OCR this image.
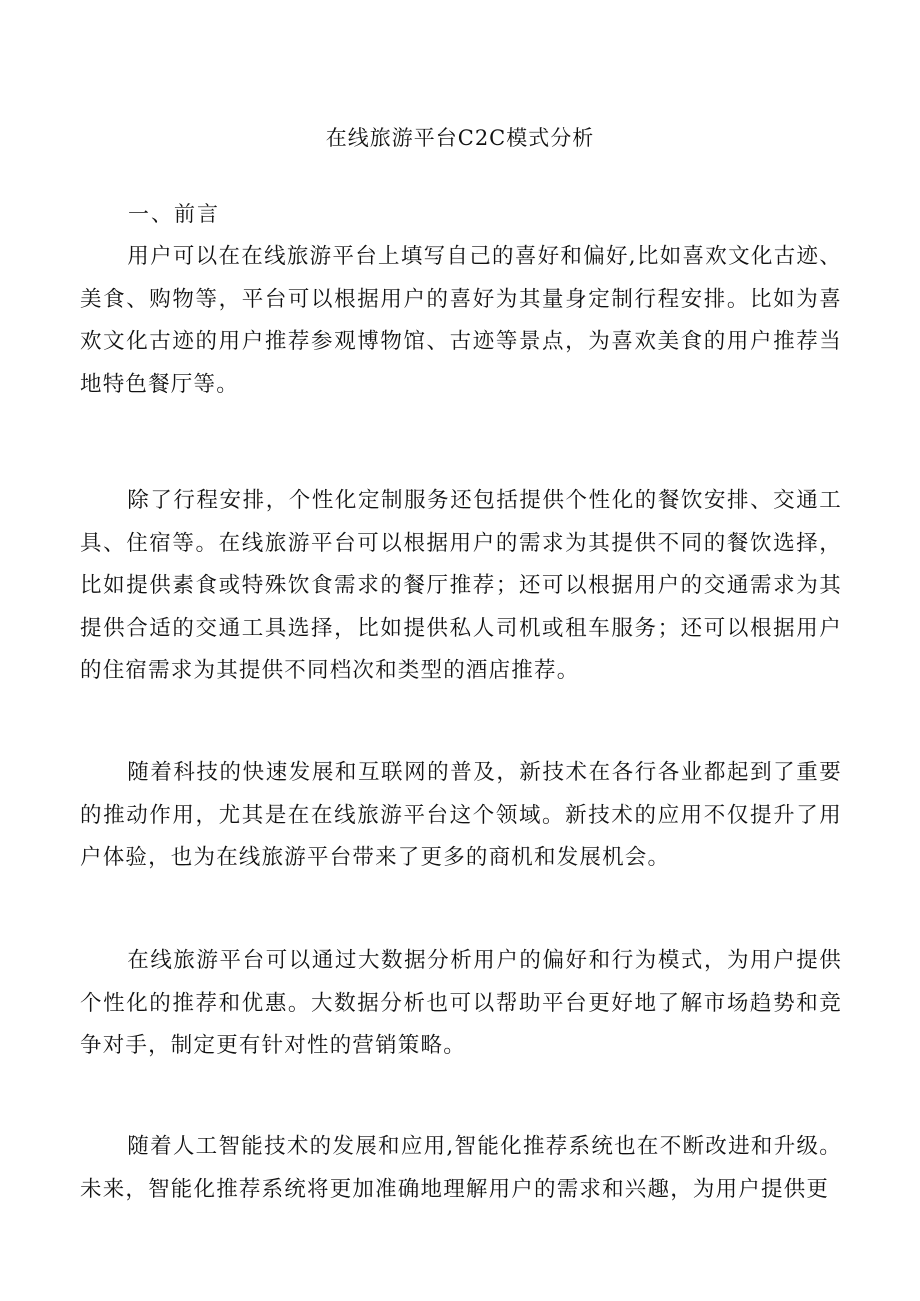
在线旅游平台C2C模式分析
一、前言

用户可以在在线旅游平台上填写自己的喜好和偏好,比如喜欢文化古迹、美食、购物等，平台可以根据用户的喜好为其量身定制行程安排。比如为喜欢文化古迹的用户推荐参观博物馆、古迹等景点，为喜欢美食的用户推荐当地特色餐厅等。

除了行程安排，个性化定制服务还包括提供个性化的餐饮安排、交通工具、住宿等。在线旅游平台可以根据用户的需求为其提供不同的餐饮选择，比如提供素食或特殊饮食需求的餐厅推荐；还可以根据用户的交通需求为其提供合适的交通工具选择，比如提供私人司机或租车服务；还可以根据用户的住宿需求为其提供不同档次和类型的酒店推荐。

随着科技的快速发展和互联网的普及，新技术在各行各业都起到了重要的推动作用，尤其是在在线旅游平台这个领域。新技术的应用不仅提升了用户体验，也为在线旅游平台带来了更多的商机和发展机会。

在线旅游平台可以通过大数据分析用户的偏好和行为模式，为用户提供个性化的推荐和优惠。大数据分析也可以帮助平台更好地了解市场趋势和竞争对手，制定更有针对性的营销策略。

随着人工智能技术的发展和应用,智能化推荐系统也在不断改进和升级。未来，智能化推荐系统将更加准确地理解用户的需求和兴趣，为用户提供更
